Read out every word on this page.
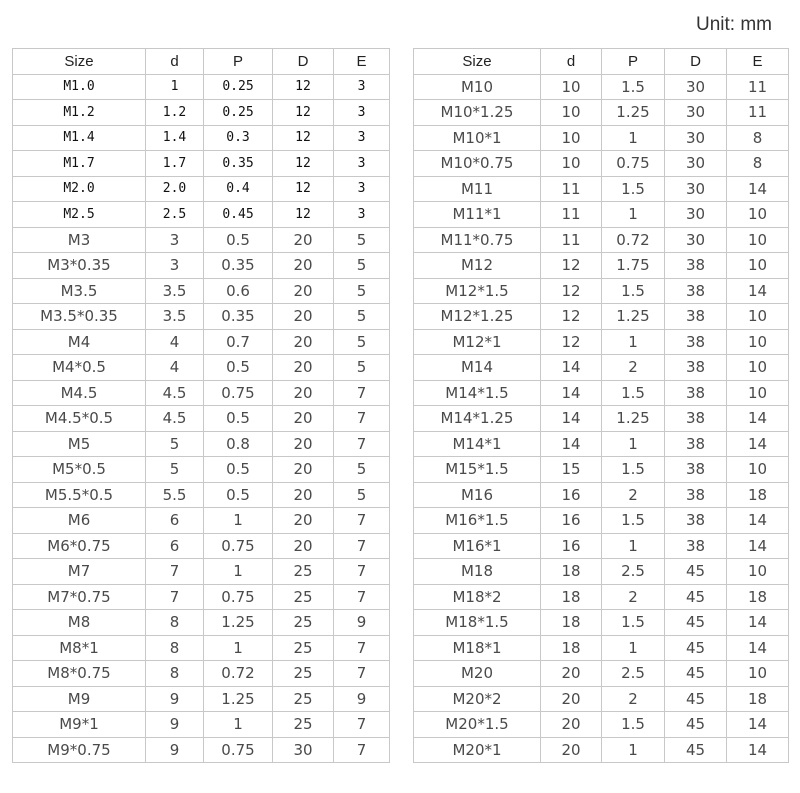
Unit: mm
Size	d	P	D	E
M1.0	1	0.25	12	3
M1.2	1.2	0.25	12	3
M1.4	1.4	0.3	12	3
M1.7	1.7	0.35	12	3
M2.0	2.0	0.4	12	3
M2.5	2.5	0.45	12	3
M3	3	0.5	20	5
M3*0.35	3	0.35	20	5
M3.5	3.5	0.6	20	5
M3.5*0.35	3.5	0.35	20	5
M4	4	0.7	20	5
M4*0.5	4	0.5	20	5
M4.5	4.5	0.75	20	7
M4.5*0.5	4.5	0.5	20	7
M5	5	0.8	20	7
M5*0.5	5	0.5	20	5
M5.5*0.5	5.5	0.5	20	5
M6	6	1	20	7
M6*0.75	6	0.75	20	7
M7	7	1	25	7
M7*0.75	7	0.75	25	7
M8	8	1.25	25	9
M8*1	8	1	25	7
M8*0.75	8	0.72	25	7
M9	9	1.25	25	9
M9*1	9	1	25	7
M9*0.75	9	0.75	30	7
Size	d	P	D	E
M10	10	1.5	30	11
M10*1.25	10	1.25	30	11
M10*1	10	1	30	8
M10*0.75	10	0.75	30	8
M11	11	1.5	30	14
M11*1	11	1	30	10
M11*0.75	11	0.72	30	10
M12	12	1.75	38	10
M12*1.5	12	1.5	38	14
M12*1.25	12	1.25	38	10
M12*1	12	1	38	10
M14	14	2	38	10
M14*1.5	14	1.5	38	10
M14*1.25	14	1.25	38	14
M14*1	14	1	38	14
M15*1.5	15	1.5	38	10
M16	16	2	38	18
M16*1.5	16	1.5	38	14
M16*1	16	1	38	14
M18	18	2.5	45	10
M18*2	18	2	45	18
M18*1.5	18	1.5	45	14
M18*1	18	1	45	14
M20	20	2.5	45	10
M20*2	20	2	45	18
M20*1.5	20	1.5	45	14
M20*1	20	1	45	14
